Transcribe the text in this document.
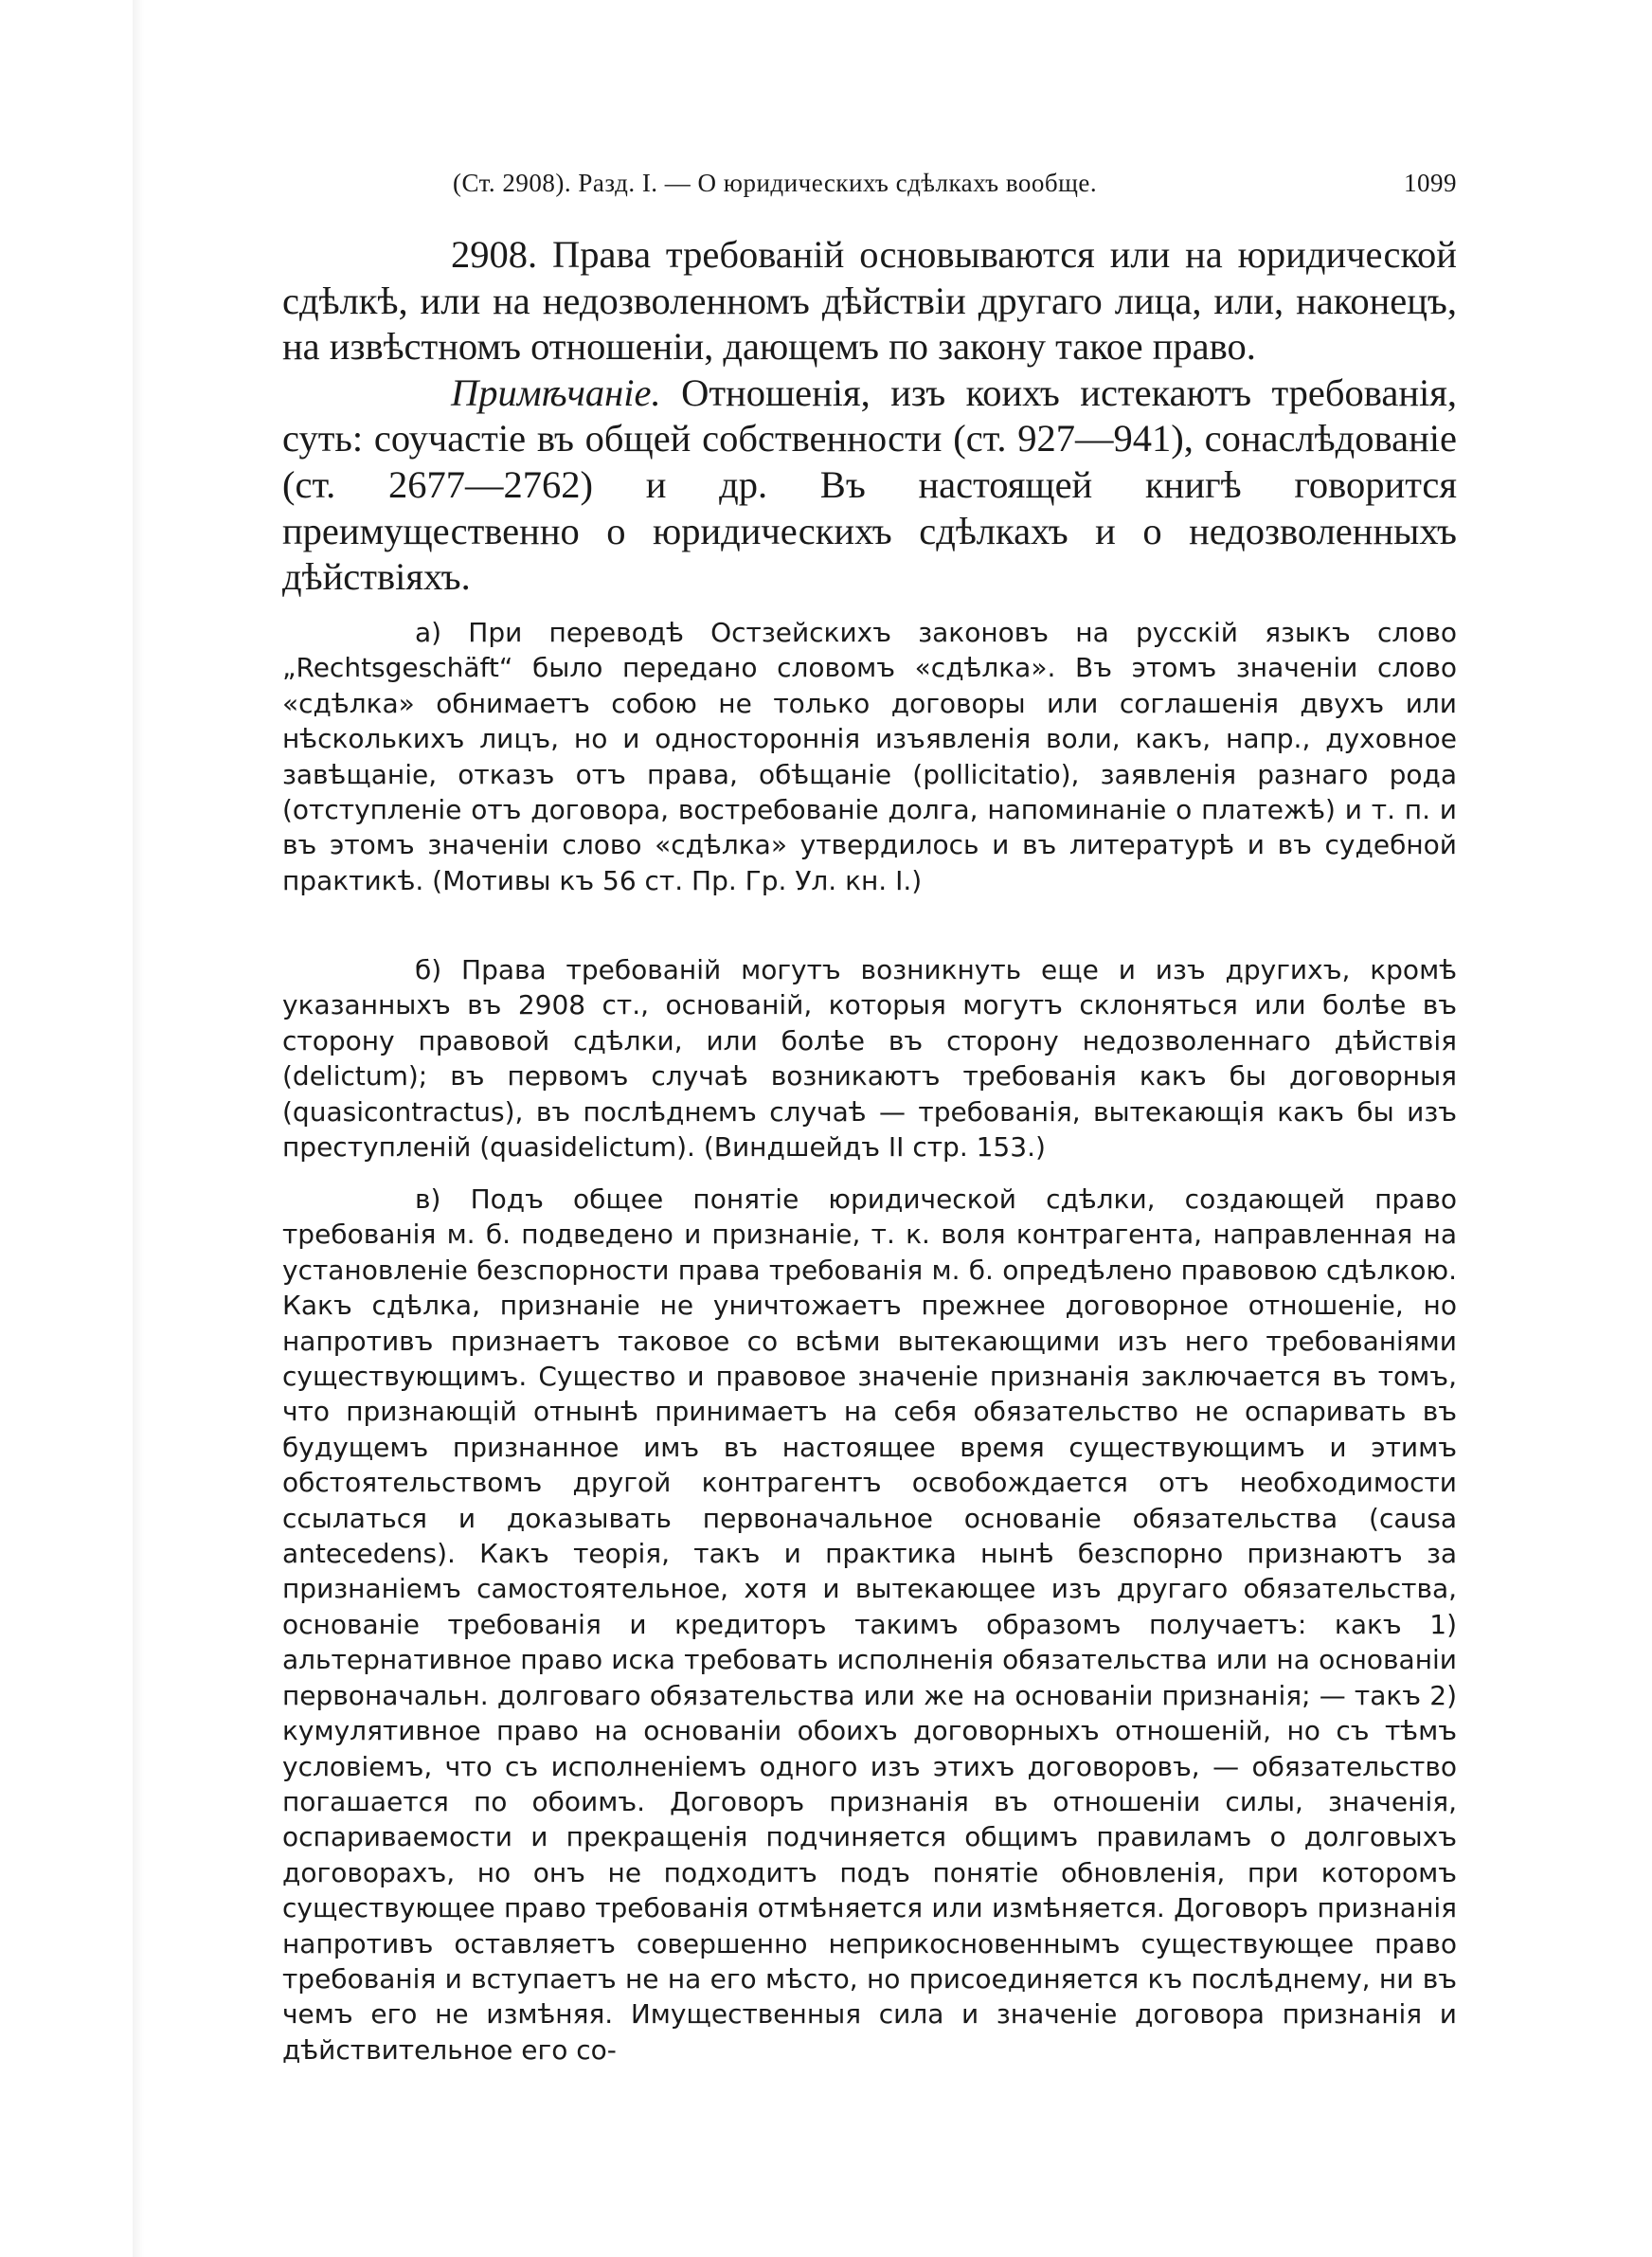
(Ст. 2908). Разд. I. — О юридическихъ сдѣлкахъ вообще.	1099

2908. Права требованій основываются или на юридической сдѣлкѣ, или на недозволенномъ дѣйствіи другаго лица, или, наконецъ, на извѣстномъ отношеніи, дающемъ по закону такое право.

Примѣчаніе. Отношенія, изъ коихъ истекаютъ требованія, суть: соучастіе въ общей собственности (ст. 927—941), сонаслѣдованіе (ст. 2677—2762) и др. Въ настоящей книгѣ говорится преимущественно о юридическихъ сдѣлкахъ и о недозволенныхъ дѣйствіяхъ.

а) При переводѣ Остзейскихъ законовъ на русскій языкъ слово „Rechtsgeschäft“ было передано словомъ «сдѣлка». Въ этомъ значеніи слово «сдѣлка» обнимаетъ собою не только договоры или соглашенія двухъ или нѣсколькихъ лицъ, но и одностороннія изъявленія воли, какъ, напр., духовное завѣщаніе, отказъ отъ права, обѣщаніе (pollicitatio), заявленія разнаго рода (отступленіе отъ договора, востребованіе долга, напоминаніе о платежѣ) и т. п. и въ этомъ значеніи слово «сдѣлка» утвердилось и въ литературѣ и въ судебной практикѣ. (Мотивы къ 56 ст. Пр. Гр. Ул. кн. I.)

б) Права требованій могутъ возникнуть еще и изъ другихъ, кромѣ указанныхъ въ 2908 ст., основаній, которыя могутъ склоняться или болѣе въ сторону правовой сдѣлки, или болѣе въ сторону недозволеннаго дѣйствія (delictum); въ первомъ случаѣ возникаютъ требованія какъ бы договорныя (quasicontractus), въ послѣднемъ случаѣ — требованія, вытекающія какъ бы изъ преступленій (quasidelictum). (Виндшейдъ II стр. 153.)

в) Подъ общее понятіе юридической сдѣлки, создающей право требованія м. б. подведено и признаніе, т. к. воля контрагента, направленная на установленіе безспорности права требованія м. б. опредѣлено правовою сдѣлкою. Какъ сдѣлка, признаніе не уничтожаетъ прежнее договорное отношеніе, но напротивъ признаетъ таковое со всѣми вытекающими изъ него требованіями существующимъ. Существо и правовое значеніе признанія заключается въ томъ, что признающій отнынѣ принимаетъ на себя обязательство не оспаривать въ будущемъ признанное имъ въ настоящее время существующимъ и этимъ обстоятельствомъ другой контрагентъ освобождается отъ необходимости ссылаться и доказывать первоначальное основаніе обязательства (causa antecedens). Какъ теорія, такъ и практика нынѣ безспорно признаютъ за признаніемъ самостоятельное, хотя и вытекающее изъ другаго обязательства, основаніе требованія и кредиторъ такимъ образомъ получаетъ: какъ 1) альтернативное право иска требовать исполненія обязательства или на основаніи первоначальн. долговаго обязательства или же на основаніи признанія; — такъ 2) кумулятивное право на основаніи обоихъ договорныхъ отношеній, но съ тѣмъ условіемъ, что съ исполненіемъ одного изъ этихъ договоровъ, — обязательство погашается по обоимъ. Договоръ признанія въ отношеніи силы, значенія, оспариваемости и прекращенія подчиняется общимъ правиламъ о долговыхъ договорахъ, но онъ не подходитъ подъ понятіе обновленія, при которомъ существующее право требованія отмѣняется или измѣняется. Договоръ признанія напротивъ оставляетъ совершенно неприкосновеннымъ существующее право требованія и вступаетъ не на его мѣсто, но присоединяется къ послѣднему, ни въ чемъ его не измѣняя. Имущественныя сила и значеніе договора признанія и дѣйствительное его со-
